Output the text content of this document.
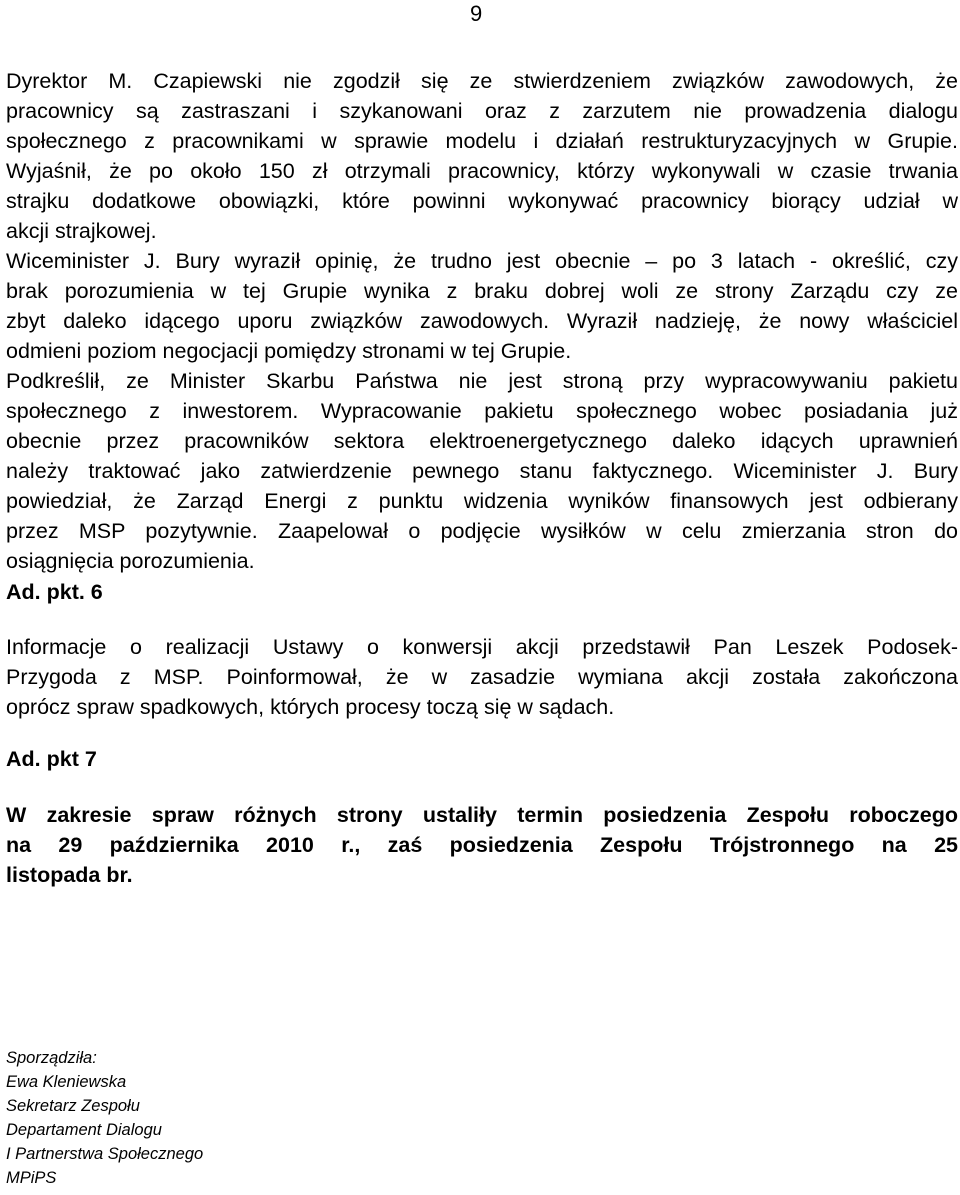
9
Dyrektor M. Czapiewski nie zgodził się ze stwierdzeniem związków zawodowych, że
pracownicy są zastraszani i szykanowani oraz z zarzutem nie prowadzenia dialogu
społecznego z pracownikami w sprawie modelu i działań restrukturyzacyjnych w Grupie.
Wyjaśnił, że po około 150 zł otrzymali pracownicy, którzy wykonywali w czasie trwania
strajku dodatkowe obowiązki, które powinni wykonywać pracownicy biorący udział w
akcji strajkowej.
Wiceminister J. Bury wyraził opinię, że trudno jest obecnie – po 3 latach - określić, czy
brak porozumienia w tej Grupie wynika z braku dobrej woli ze strony Zarządu czy ze
zbyt daleko idącego uporu związków zawodowych. Wyraził nadzieję, że nowy właściciel
odmieni poziom negocjacji pomiędzy stronami w tej Grupie.
Podkreślił, ze Minister Skarbu Państwa nie jest stroną przy wypracowywaniu pakietu
społecznego z inwestorem. Wypracowanie pakietu społecznego wobec posiadania już
obecnie przez pracowników sektora elektroenergetycznego daleko idących uprawnień
należy traktować jako zatwierdzenie pewnego stanu faktycznego. Wiceminister J. Bury
powiedział, że Zarząd Energi z punktu widzenia wyników finansowych jest odbierany
przez MSP pozytywnie. Zaapelował o podjęcie wysiłków w celu zmierzania stron do
osiągnięcia porozumienia.
Ad. pkt. 6
Informacje o realizacji Ustawy o konwersji akcji przedstawił Pan Leszek Podosek-
Przygoda z MSP. Poinformował, że w zasadzie wymiana akcji została zakończona
oprócz spraw spadkowych, których procesy toczą się w sądach.
Ad. pkt 7
W zakresie spraw różnych strony ustaliły termin posiedzenia Zespołu roboczego
na 29 października 2010 r., zaś posiedzenia Zespołu Trójstronnego na 25
listopada br.
Sporządziła:
Ewa Kleniewska
Sekretarz Zespołu
Departament Dialogu
I Partnerstwa Społecznego
MPiPS
